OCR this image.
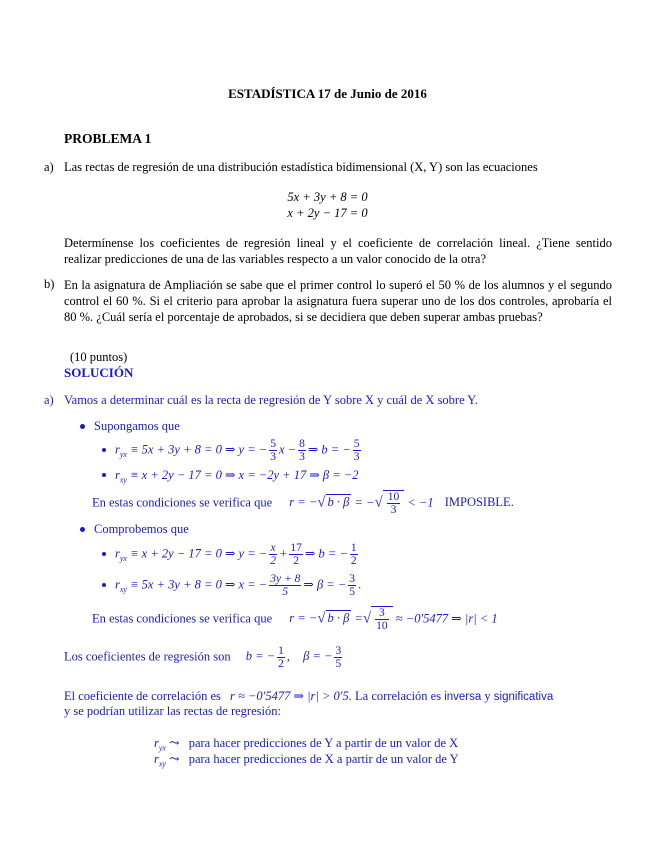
ESTADÍSTICA 17 de Junio de 2016
PROBLEMA 1
a) Las rectas de regresión de una distribución estadística bidimensional (X, Y) son las ecuaciones
5x + 3y + 8 = 0
x + 2y − 17 = 0
Determínense los coeficientes de regresión lineal y el coeficiente de correlación lineal. ¿Tiene sentido realizar predicciones de una de las variables respecto a un valor conocido de la otra?
b) En la asignatura de Ampliación se sabe que el primer control lo superó el 50 % de los alumnos y el segundo control el 60 %. Si el criterio para aprobar la asignatura fuera superar uno de los dos controles, aprobaría el 80 %. ¿Cuál sería el porcentaje de aprobados, si se decidiera que deben superar ambas pruebas?
(10 puntos)
SOLUCIÓN
a) Vamos a determinar cuál es la recta de regresión de Y sobre X y cuál de X sobre Y.
Supongamos que
$r_{yx} \equiv 5x + 3y + 8 = 0$ ⇒ y = − $\frac{5}{3}$ $x - \frac{8}{3}$ ⇒ b = − $\frac{5}{3}$
$r_{xy} \equiv x + 2y - 17 = 0$ ⇒ x = −2y + 17 ⇒ β = −2
En estas condiciones se verifica que r = −√ b · β = −√ $\frac{10}{3} < -1$ IMPOSIBLE.
Comprobemos que
$r_{yx} \equiv x + 2y - 17 = 0$ ⇒ y = − $\frac{x}{2} + \frac{17}{2}$ ⇒ b = − $\frac{1}{2}$
$r_{xy} \equiv 5x + 3y + 8 = 0$ ⇒ x = − $\frac{3y + 8}{5}$ ⇒ β = − $\frac{3}{5}$ .
En estas condiciones se verifica que r = −√ b · β =√ $\frac{3}{10} \approx -0'5477$ ⇒ |r| < 1
Los coeficientes de regresión son b = − $\frac{1}{2}$ , β = − $\frac{3}{5}$
El coeficiente de correlación es r ≈ −0′5477 ⇒ |r| > 0′5. La correlación es inversa y significativa
y se podrían utilizar las rectas de regresión:
$r_{yx}$ ⤳ para hacer predicciones de Y a partir de un valor de X
$r_{xy}$ ⤳ para hacer predicciones de X a partir de un valor de Y
